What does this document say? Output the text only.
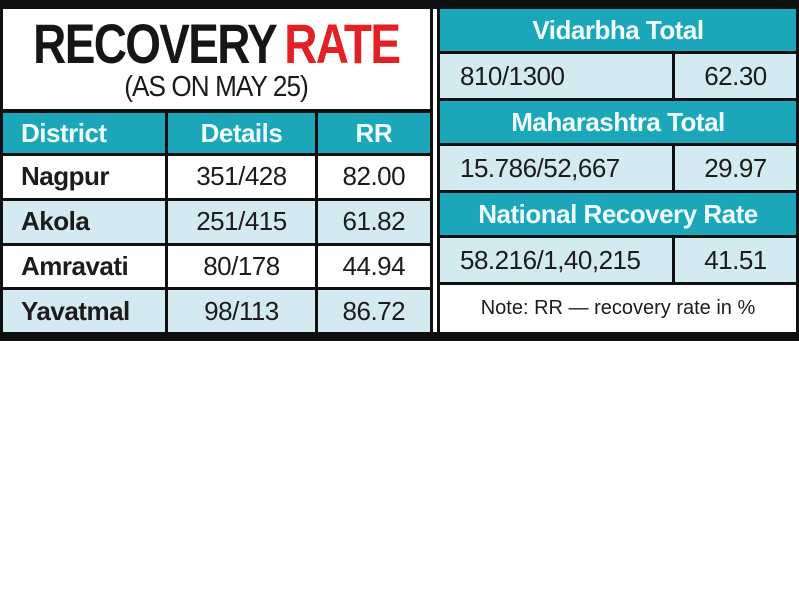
RECOVERY RATE
(AS ON MAY 25)
District	Details	RR
Nagpur	351/428	82.00
Akola	251/415	61.82
Amravati	80/178	44.94
Yavatmal	98/113	86.72
Vidarbha Total
810/1300	62.30
Maharashtra Total
15.786/52,667	29.97
National Recovery Rate
58.216/1,40,215	41.51
Note: RR — recovery rate in %
